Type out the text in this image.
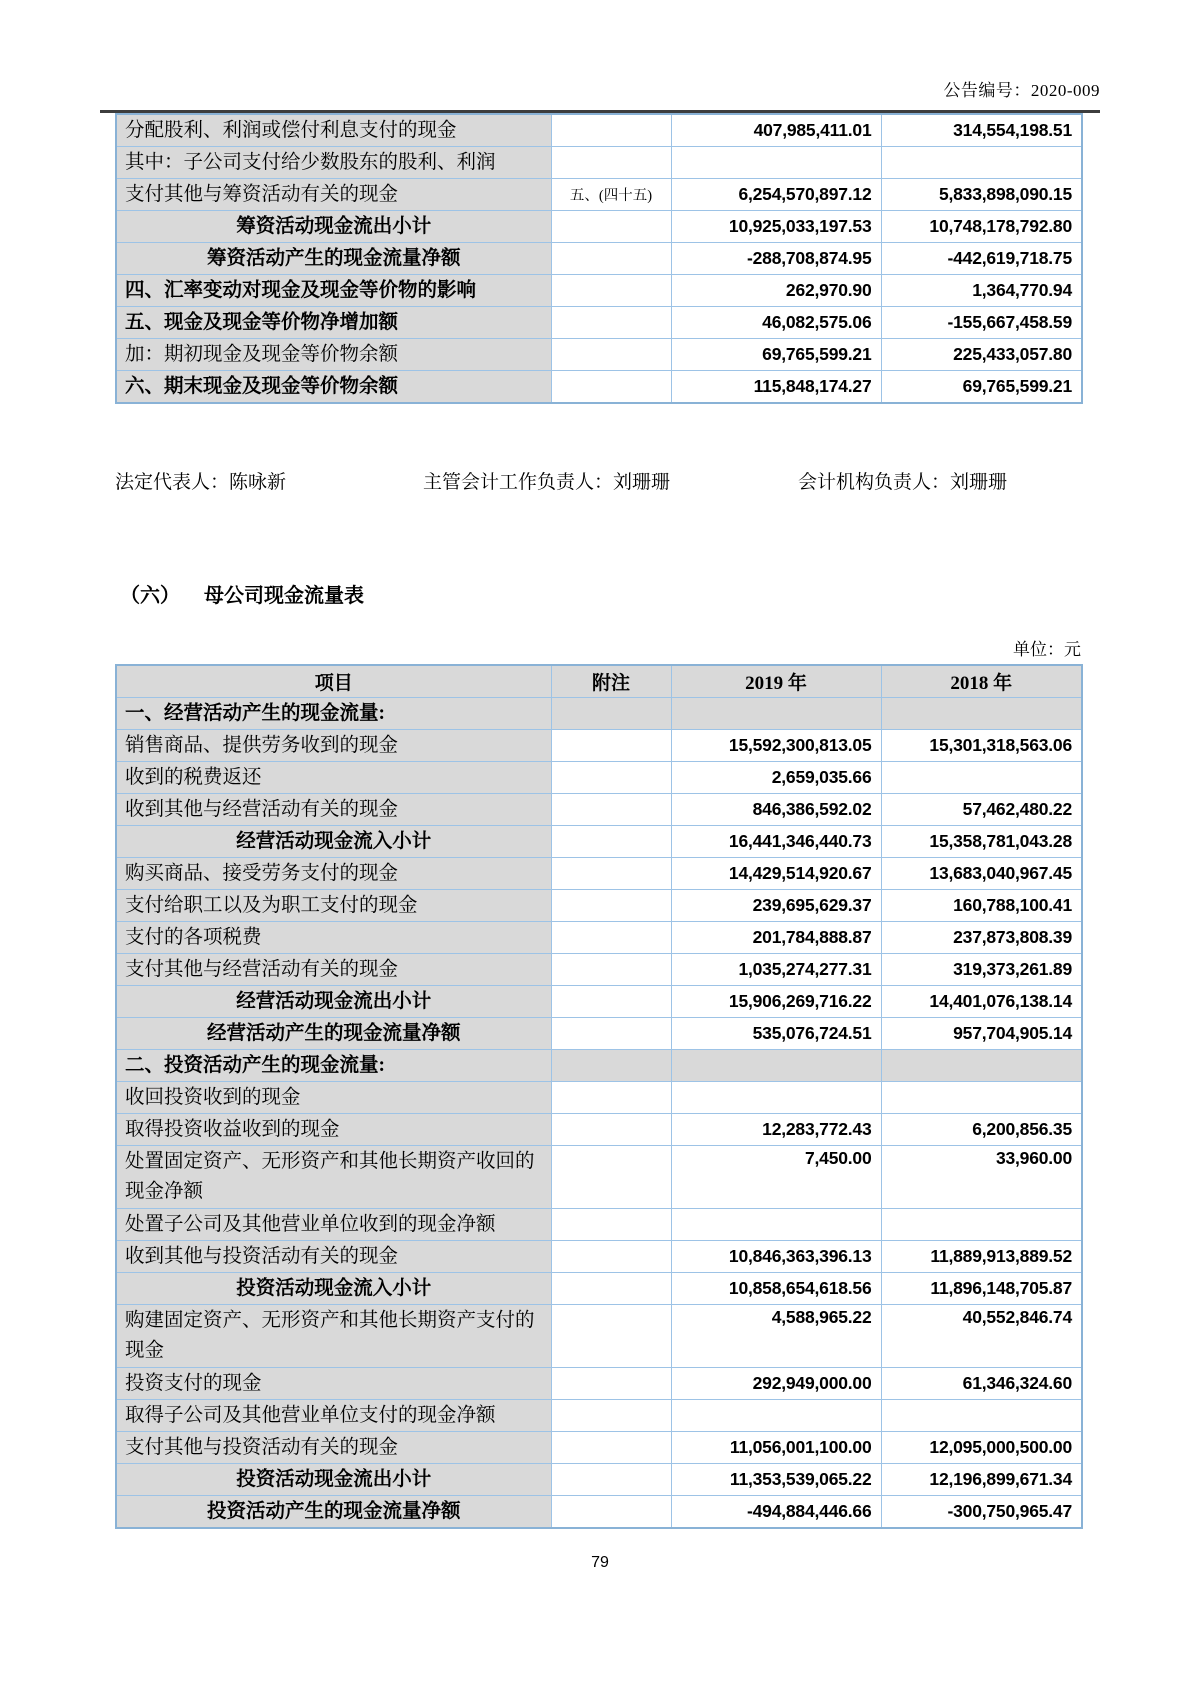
公告编号：2020-009
分配股利、利润或偿付利息支付的现金		407,985,411.01	314,554,198.51
其中：子公司支付给少数股东的股利、利润			
支付其他与筹资活动有关的现金	五、(四十五)	6,254,570,897.12	5,833,898,090.15
筹资活动现金流出小计		10,925,033,197.53	10,748,178,792.80
筹资活动产生的现金流量净额		-288,708,874.95	-442,619,718.75
四、汇率变动对现金及现金等价物的影响		262,970.90	1,364,770.94
五、现金及现金等价物净增加额		46,082,575.06	-155,667,458.59
加：期初现金及现金等价物余额		69,765,599.21	225,433,057.80
六、期末现金及现金等价物余额		115,848,174.27	69,765,599.21
法定代表人：陈咏新	主管会计工作负责人：刘珊珊	会计机构负责人：刘珊珊
（六） 母公司现金流量表
单位：元
项目	附注	2019 年	2018 年
一、经营活动产生的现金流量:			
销售商品、提供劳务收到的现金		15,592,300,813.05	15,301,318,563.06
收到的税费返还		2,659,035.66	
收到其他与经营活动有关的现金		846,386,592.02	57,462,480.22
经营活动现金流入小计		16,441,346,440.73	15,358,781,043.28
购买商品、接受劳务支付的现金		14,429,514,920.67	13,683,040,967.45
支付给职工以及为职工支付的现金		239,695,629.37	160,788,100.41
支付的各项税费		201,784,888.87	237,873,808.39
支付其他与经营活动有关的现金		1,035,274,277.31	319,373,261.89
经营活动现金流出小计		15,906,269,716.22	14,401,076,138.14
经营活动产生的现金流量净额		535,076,724.51	957,704,905.14
二、投资活动产生的现金流量:			
收回投资收到的现金			
取得投资收益收到的现金		12,283,772.43	6,200,856.35
处置固定资产、无形资产和其他长期资产收回的现金净额		7,450.00	33,960.00
处置子公司及其他营业单位收到的现金净额			
收到其他与投资活动有关的现金		10,846,363,396.13	11,889,913,889.52
投资活动现金流入小计		10,858,654,618.56	11,896,148,705.87
购建固定资产、无形资产和其他长期资产支付的现金		4,588,965.22	40,552,846.74
投资支付的现金		292,949,000.00	61,346,324.60
取得子公司及其他营业单位支付的现金净额			
支付其他与投资活动有关的现金		11,056,001,100.00	12,095,000,500.00
投资活动现金流出小计		11,353,539,065.22	12,196,899,671.34
投资活动产生的现金流量净额		-494,884,446.66	-300,750,965.47
79
